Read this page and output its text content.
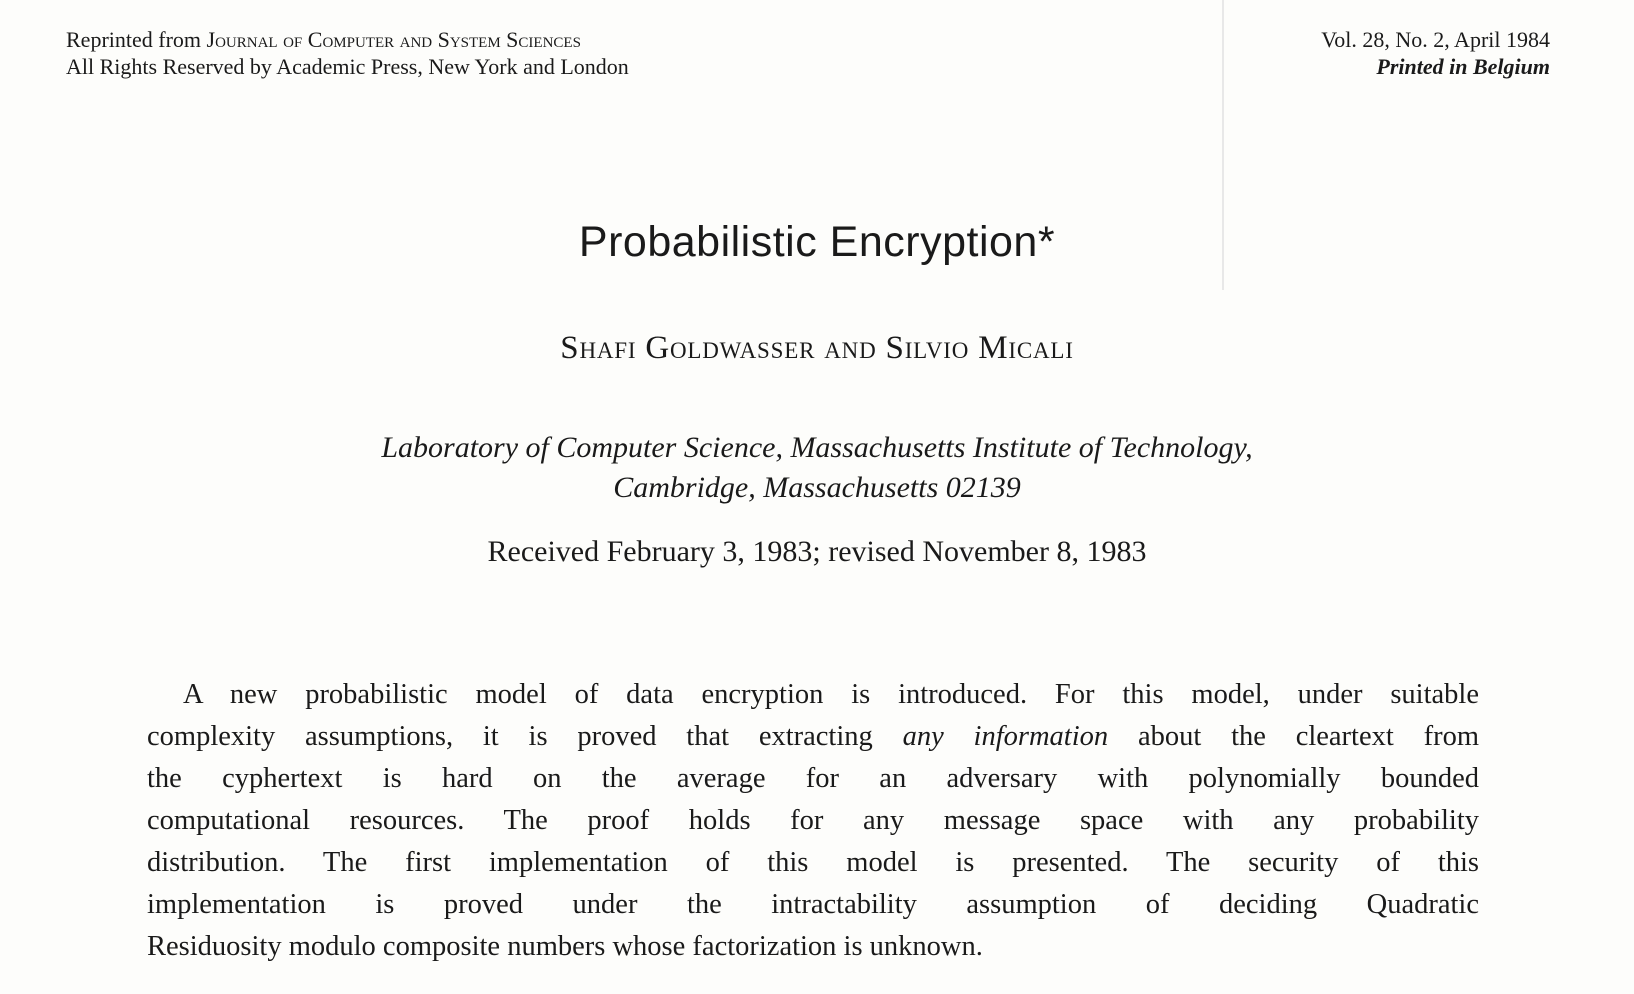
Reprinted from Journal of Computer and System Sciences
All Rights Reserved by Academic Press, New York and London
Vol. 28, No. 2, April 1984
Printed in Belgium
Probabilistic Encryption*
Shafi Goldwasser and Silvio Micali
Laboratory of Computer Science, Massachusetts Institute of Technology,
Cambridge, Massachusetts 02139
Received February 3, 1983; revised November 8, 1983
A new probabilistic model of data encryption is introduced. For this model, under suitable
complexity assumptions, it is proved that extracting any information about the cleartext from
the cyphertext is hard on the average for an adversary with polynomially bounded
computational resources. The proof holds for any message space with any probability
distribution. The first implementation of this model is presented. The security of this
implementation is proved under the intractability assumption of deciding Quadratic
Residuosity modulo composite numbers whose factorization is unknown.
